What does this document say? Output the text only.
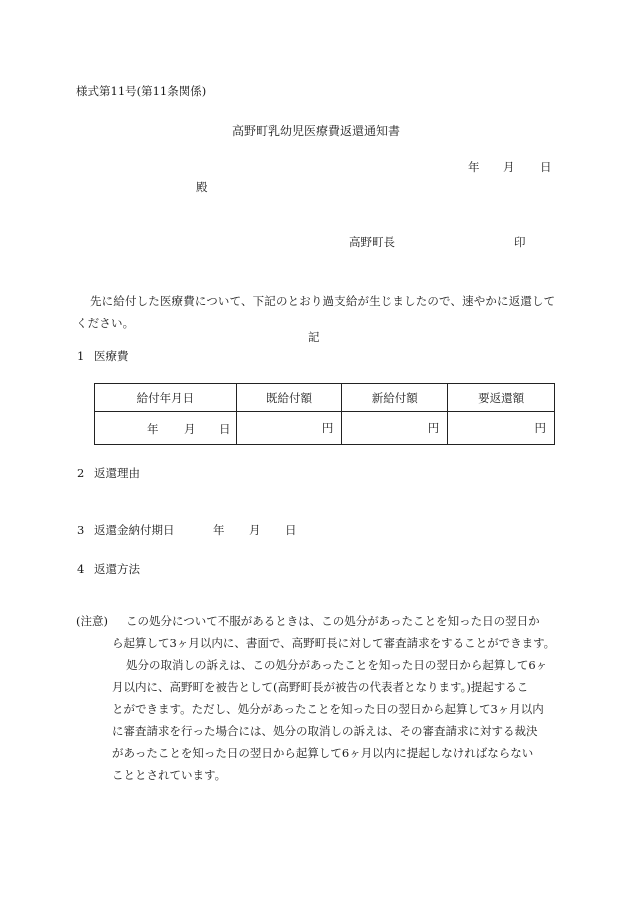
様式第11号(第11条関係)
高野町乳幼児医療費返還通知書
年 月 日
殿
高野町長	印
先に給付した医療費について、下記のとおり過支給が生じましたので、速やかに返還してください。
記
1 医療費
給付年月日	既給付額	新給付額	要返還額

年 月 日	円	円	円
2 返還理由
3 返還金納付期日	年 月 日
4 返還方法
(注意) この処分について不服があるときは、この処分があったことを知った日の翌日か
ら起算して3ヶ月以内に、書面で、高野町長に対して審査請求をすることができます。
処分の取消しの訴えは、この処分があったことを知った日の翌日から起算して6ヶ
月以内に、高野町を被告として(高野町長が被告の代表者となります。)提起するこ
とができます。ただし、処分があったことを知った日の翌日から起算して3ヶ月以内
に審査請求を行った場合には、処分の取消しの訴えは、その審査請求に対する裁決
があったことを知った日の翌日から起算して6ヶ月以内に提起しなければならない
こととされています。
